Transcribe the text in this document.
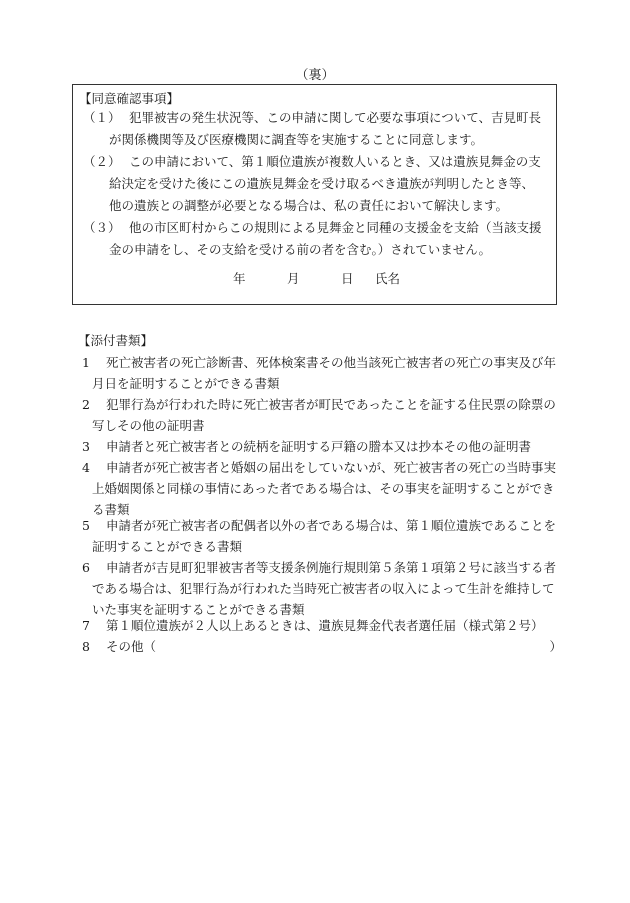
（裏）
【同意確認事項】
（１） 犯罪被害の発生状況等、この申請に関して必要な事項について、吉見町長
が関係機関等及び医療機関に調査等を実施することに同意します。
（２） この申請において、第１順位遺族が複数人いるとき、又は遺族見舞金の支
給決定を受けた後にこの遺族見舞金を受け取るべき遺族が判明したとき等、
他の遺族との調整が必要となる場合は、私の責任において解決します。
（３） 他の市区町村からこの規則による見舞金と同種の支援金を支給（当該支援
金の申請をし、その支給を受ける前の者を含む。）されていません。
年	月	日 氏名
【添付書類】
1	死亡被害者の死亡診断書、死体検案書その他当該死亡被害者の死亡の事実及び年
月日を証明することができる書類
2	犯罪行為が行われた時に死亡被害者が町民であったことを証する住民票の除票の
写しその他の証明書
3	申請者と死亡被害者との続柄を証明する戸籍の謄本又は抄本その他の証明書
4	申請者が死亡被害者と婚姻の届出をしていないが、死亡被害者の死亡の当時事実
上婚姻関係と同様の事情にあった者である場合は、その事実を証明することができ
る書類
5	申請者が死亡被害者の配偶者以外の者である場合は、第１順位遺族であることを
証明することができる書類
6	申請者が吉見町犯罪被害者等支援条例施行規則第５条第１項第２号に該当する者
である場合は、犯罪行為が行われた当時死亡被害者の収入によって生計を維持して
いた事実を証明することができる書類
7	第１順位遺族が２人以上あるときは、遺族見舞金代表者選任届（様式第２号）
8	その他（	）
